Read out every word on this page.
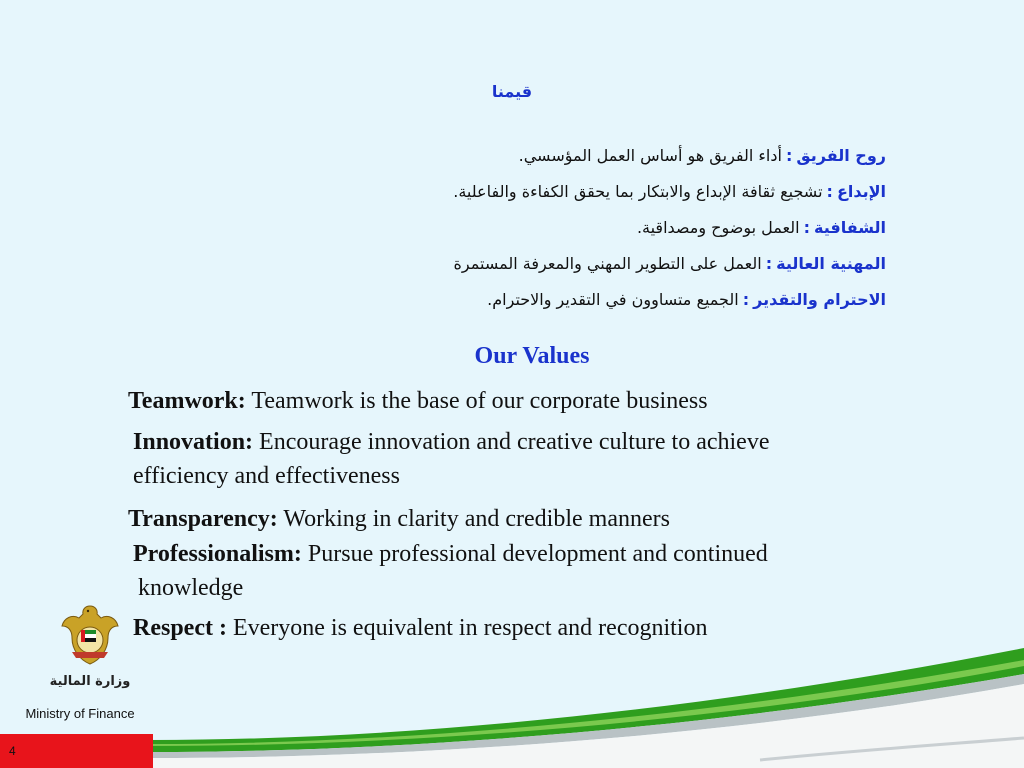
قيمنا
روح الفريق:أداء الفريق هو أساس العمل المؤسسي.
الإبداع:تشجيع ثقافة الإبداع والابتكار بما يحقق الكفاءة والفاعلية.
الشفافية:العمل بوضوح ومصداقية.
المهنية العالية:العمل على التطوير المهني والمعرفة المستمرة
الاحترام والتقدير:الجميع متساوون في التقدير والاحترام.
Our Values
Teamwork: Teamwork is the base of our corporate business
Innovation: Encourage innovation and creative culture to achieve
efficiency and effectiveness
Transparency: Working in clarity and credible manners
Professionalism: Pursue professional development and continued
knowledge
Respect : Everyone is equivalent in respect and recognition
وزارة المالية
Ministry of Finance
4
